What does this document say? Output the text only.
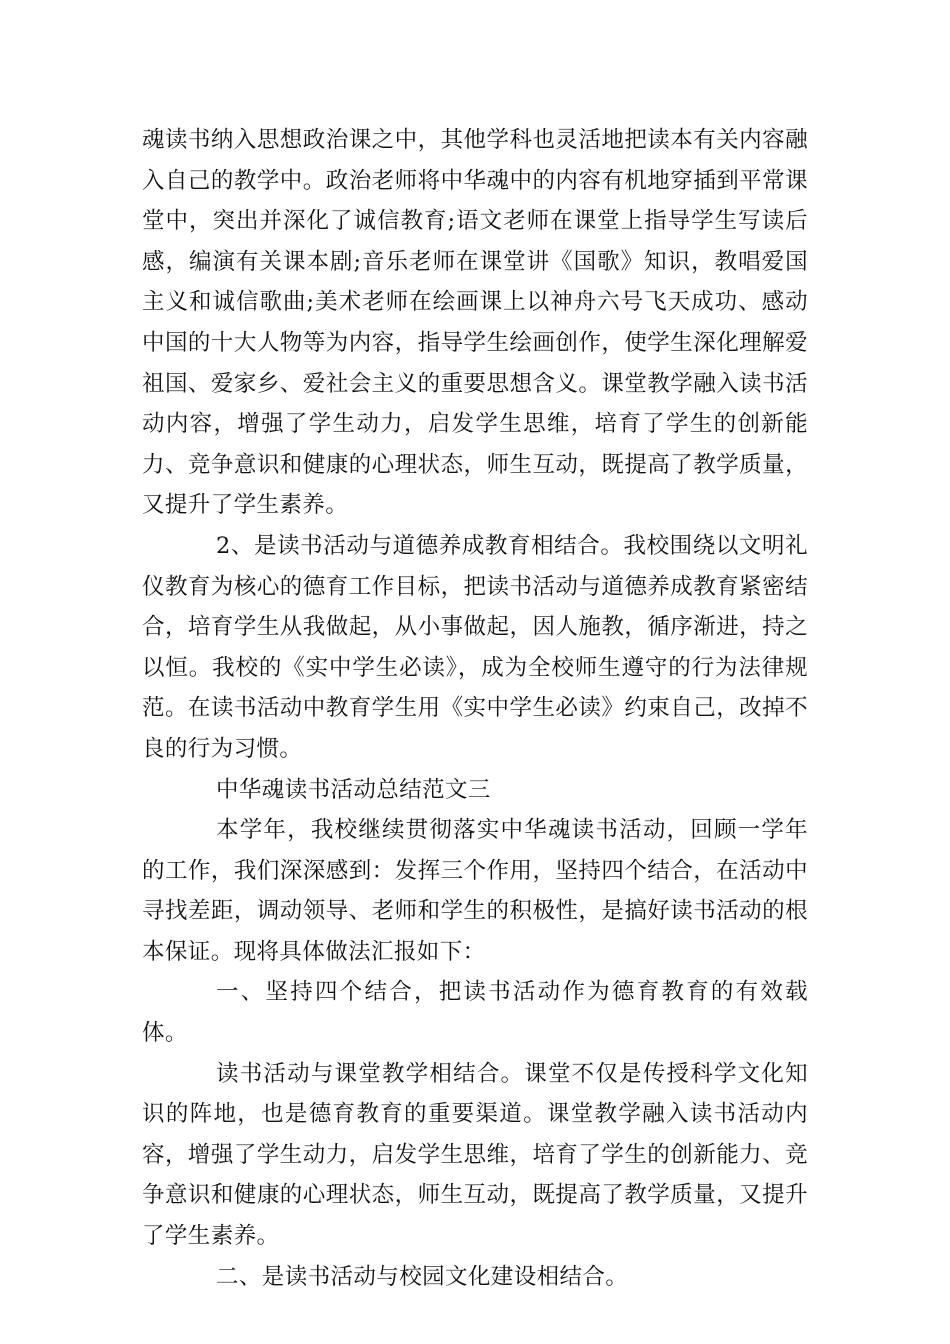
魂读书纳入思想政治课之中，其他学科也灵活地把读本有关内容融入自己的教学中。政治老师将中华魂中的内容有机地穿插到平常课堂中，突出并深化了诚信教育;语文老师在课堂上指导学生写读后感，编演有关课本剧;音乐老师在课堂讲《国歌》知识，教唱爱国主义和诚信歌曲;美术老师在绘画课上以神舟六号飞天成功、感动中国的十大人物等为内容，指导学生绘画创作，使学生深化理解爱祖国、爱家乡、爱社会主义的重要思想含义。课堂教学融入读书活动内容，增强了学生动力，启发学生思维，培育了学生的创新能力、竞争意识和健康的心理状态，师生互动，既提高了教学质量，又提升了学生素养。

2、是读书活动与道德养成教育相结合。我校围绕以文明礼仪教育为核心的德育工作目标，把读书活动与道德养成教育紧密结合，培育学生从我做起，从小事做起，因人施教，循序渐进，持之以恒。我校的《实中学生必读》，成为全校师生遵守的行为法律规范。在读书活动中教育学生用《实中学生必读》约束自己，改掉不良的行为习惯。

中华魂读书活动总结范文三

本学年，我校继续贯彻落实中华魂读书活动，回顾一学年的工作，我们深深感到：发挥三个作用，坚持四个结合，在活动中寻找差距，调动领导、老师和学生的积极性，是搞好读书活动的根本保证。现将具体做法汇报如下：

一、坚持四个结合，把读书活动作为德育教育的有效载体。

读书活动与课堂教学相结合。课堂不仅是传授科学文化知识的阵地，也是德育教育的重要渠道。课堂教学融入读书活动内容，增强了学生动力，启发学生思维，培育了学生的创新能力、竞争意识和健康的心理状态，师生互动，既提高了教学质量，又提升了学生素养。

二、是读书活动与校园文化建设相结合。
